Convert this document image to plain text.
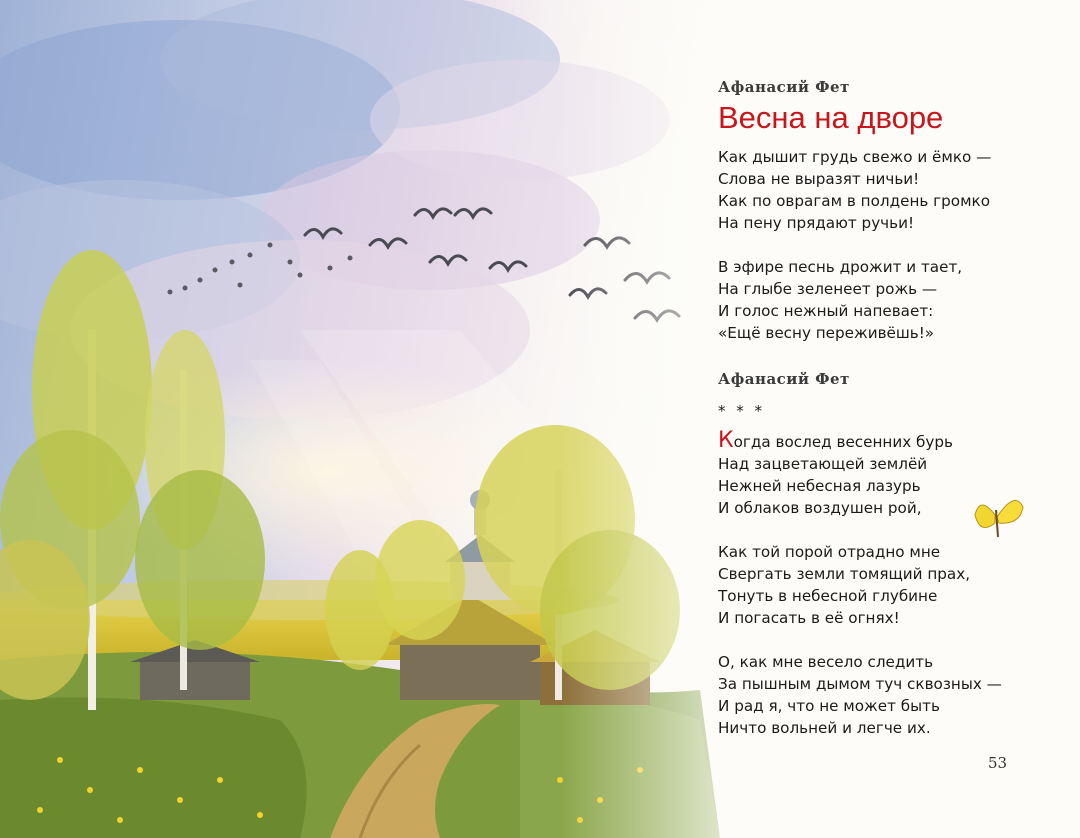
Афанасий Фет
Весна на дворе
Как дышит грудь свежо и ёмко —
Слова не выразят ничьи!
Как по оврагам в полдень громко
На пену прядают ручьи!
В эфире песнь дрожит и тает,
На глыбе зеленеет рожь —
И голос нежный напевает:
«Ещё весну переживёшь!»
Афанасий Фет
* * *
Когда вослед весенних бурь
Над зацветающей землёй
Нежней небесная лазурь
И облаков воздушен рой,
Как той порой отрадно мне
Свергать земли томящий прах,
Тонуть в небесной глубине
И погасать в её огнях!
О, как мне весело следить
За пышным дымом туч сквозных —
И рад я, что не может быть
Ничто вольней и легче их.
53
